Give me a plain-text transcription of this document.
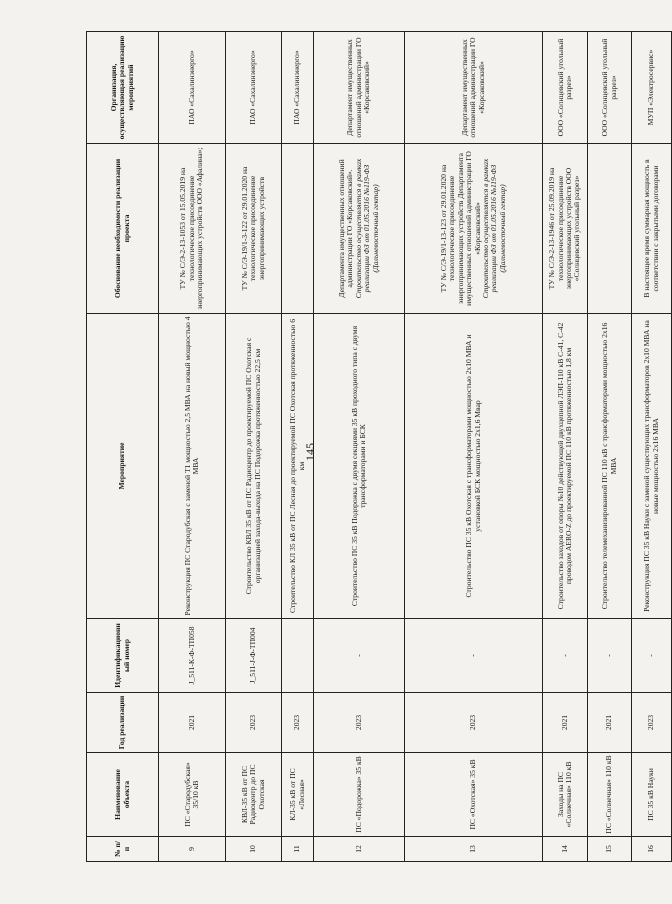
145
№ п/п	Наименование объекта	Год реализации	Идентификационный номер	Мероприятие	Обоснование необходимости реализации проекта	Организация, осуществляющая реализацию мероприятий
9	ПС «Стародубская» 35/10 кВ	2021	J_511-К-Ф-ТП058	Реконструкция ПС Стародубская с заменой Т1 мощностью 2,5 МВА на новый мощностью 4 МВА	ТУ № С/Э-2-13-1053 от 15.05.2019 на технологическое присоединение энергопринимающих устройств ООО «Афалина»;	ПАО «Сахалинэнерго»
10	КВЛ-35 кВ от ПС Радиоцентр до ПС Охотская	2023	J_511-J-Ф-ТП004	Строительство КВЛ 35 кВ от ПС Радиоцентр до проектируемой ПС Охотская с организацией захода-выхода на ПС Подорожка протяженностью 22,5 км	ТУ № С/Э-19/1-3-122 от 29.01.2020 на технологическое присоединение энергопринимающих устройств	ПАО «Сахалинэнерго»
11	КЛ-35 кВ от ПС «Лесная»	2023		Строительство КЛ 35 кВ от ПС Лесная до проектируемой ПС Охотская протяженностью 6 км		ПАО «Сахалинэнерго»
12	ПС «Подорожка» 35 кВ	2023	-	Строительство ПС 35 кВ Подорожка с двумя секциями 35 кВ проходного типа с двумя трансформаторами и БСК	Департамента имущественных отношений администрации ГО «Корсаковский». Строительство осуществляется в рамках реализации ФЗ от 01.05.2016 №119-ФЗ (Дальневосточный гектар)	Департамент имущественных отношений администрации ГО «Корсаковский»
13	ПС «Охотская» 35 кВ	2023	-	Строительство ПС 35 кВ Охотская с трансформаторами мощностью 2х10 МВА и установкой БСК мощностью 2х1,6 Мвар	ТУ № С/Э-19/1-13-123 от 29.01.2020 на технологическое присоединение энергопринимающих устройств Департамента имущественных отношений администрации ГО «Корсаковский» Строительство осуществляется в рамках реализации ФЗ от 01.05.2016 №119-ФЗ (Дальневосточный гектар)	Департамент имущественных отношений администрации ГО «Корсаковский»
14	Заходы на ПС «Солнечная» 110 кВ	2021	-	Строительство заходов от опоры №10 действующей двухцепной ЛЭП-110 кВ С-41, С-42 проводом AERO-Z до проектируемой ПС 110 кВ протяженностью 1,8 км	ТУ № С/Э-2-13-1946 от 25.09.2019 на технологическое присоединение энергопринимающих устройств ООО «Солнцевский угольный разрез»	ООО «Солнцевский угольный разрез»
15	ПС «Солнечная» 110 кВ	2021	-	Строительство телемеханизированной ПС 110 кВ с трансформаторами мощностью 2х16 МВА		ООО «Солнцевский угольный разрез»
16	ПС 35 кВ Науки	2023	-	Реконструкция ПС 35 кВ Науки с заменой существующих трансформаторов 2х10 МВА на новые мощностью 2х16 МВА	В настоящее время суммарная мощность в соответствии с закрытыми договорами	МУП «Электросервис»
